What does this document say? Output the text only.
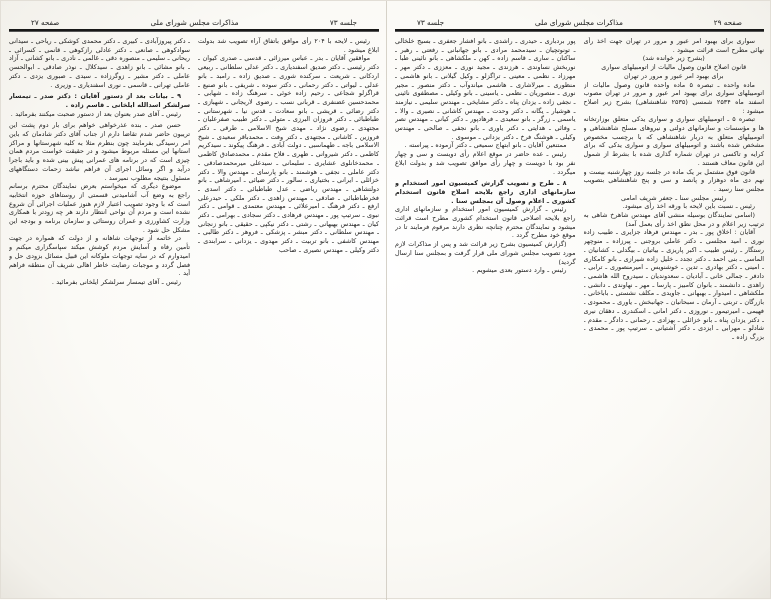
جلسه ۷۳
مذاکرات مجلس شورای ملی
صفحه ۲۷

رئیس ـ لایحه با ۲۰۴ رأی موافق باتفاق آراء تصویب شد بدولت ابلاغ میشود .

موافقین آقایان ـ بدر ـ عباس میرزائی ـ قدسی ـ صدری کیوان ـ دکتر رئیسی ـ دکتر صدیق اسفندیاری ـ دکتر عدلی سلطانی ـ ربیعی اردکانی ـ شریعت ـ سرکنده شوری ـ صدیق زاده ـ رامبد ـ بانو عدلی ـ لیواتی ـ دکتر رحمانی ـ دکتر سوده ـ شریفی ـ بانو صنیع ـ قراگزلو شجاعی ـ رحیم زاده خوئی ـ سرهنگ زاده ـ شهابی ـ محمدحسین غضنفری ـ قربانی نسب ـ رضوی لاریجانی ـ شهبازی ـ دکتر رضائی ـ قریشی ـ بانو سعادت ـ قدس نیا ـ شهرستانی ـ طباطبائی ـ دکتر فروزان البرزی ـ متولی ـ دکتر طبیب صفرعلیان ـ مجتهدی ـ رضوی نژاد ـ مهدی شیخ الاسلامی ـ طرقی ـ دکتر فروزین ـ کاشانی ـ مجتهدی ـ دکتر وفت ـ محمدباقر سعیدی ـ شیخ الاسلامی باجه ـ طهماسبی ـ دولت آبادی ـ فرهنگ پیکوند ـ سیدکریم کاظمی ـ دکتر شیروانی ـ ظهری ـ فلاح مقدم ـ محمدصادق کاظمی ـ محمدخانلوی عشایری ـ سلیمانی ـ سیدعلی میرمحمدصادقی ـ دکتر عاملی ـ نجفی ـ هوشمند ـ بانو پارسای ـ مهندس والا ـ دکتر خزائلی ـ ایرانی ـ بختیاری ـ سالور ـ دکتر ضیائی ـ امیرشاهی ـ بانو دولتشاهی ـ مهندس ریاضی ـ عدل طباطبائی ـ دکتر اسدی ـ فخرطباطبائی ـ صادقی ـ مهندس زاهدی ـ دکتر ملکی ـ حیدرعلی ارفع ـ دکتر فرهنگ ـ امیرعلائی ـ مهندس معتمدی ـ قوامی ـ دکتر نبوی ـ سرتیپ پور ـ مهندس فرهادی ـ دکتر سجادی ـ بهرامی ـ دکتر کیان ـ مهندس بهبهانی ـ رشتی ـ دکتر نیکپی ـ حقیقی ـ بانو زنجانی ـ مهندس سلطانی ـ دکتر مبشر ـ پزشکی ـ فروهر ـ دکتر طالبی ـ مهندس کاشفی ـ بانو تربیت ـ دکتر مهدوی ـ یزدانی ـ سرابندی ـ دکتر وکیلی ـ مهندس نصیری ـ صاحب

ـ دکتر پیروزآبادی ـ کبیری ـ دکتر محمدی کوشکی ـ ریاحی ـ سیدانی سوادکوهی ـ صانعی ـ دکتر عادلی رازکوهی ـ قانمی ـ کسرائی ـ ریحانی ـ سلیمی ـ منصوره دقی ـ غالمی ـ نادری ـ بانو کشانی ـ آزاد ـ بانو مشائی ـ بانو زاهدی ـ سیدکلال ـ نوذر صادقی ـ ابوالحسن عاملی ـ دکتر مشیر ـ زوگرزاده ـ سیدی ـ صبوری یزدی ـ دکتر عاملی تهرانی ـ قاسمی ـ نوری اسفندیاری ـ وزیری .

۹ ـ بیانات بعد از دستور آقایان : دکتر صدر ـ تیمسار سرلشکر اسدالله ایلخانی ـ قاسم زاده .

رئیس ـ آقای صدر بعنوان بعد از دستور صحبت میکنند بفرمائید .

حسن صدر ـ بنده عذرخواهی خواهم برای بار دوم پشت این تریبون حاضر شدم تقاضا دارم از جناب آقای دکتر شادمان که باین امر رسیدگی بفرمایند چون بنظرم مثلا به کلیه شهرستانها و مراکز استانها این مسئله مربوط میشود و در حقیقت خواست مردم همان چیزی است که در برنامه های عمرانی پیش بینی شده و باید باجرا درآید و اگر وسائل اجرای آن فراهم نباشد زحمات دستگاههای مسئول بنتیجه مطلوب نمیرسد .

موضوع دیگری که میخواستم بعرض نمایندگان محترم برسانم راجع به وضع آب آشامیدنی قسمتی از روستاهای حوزه انتخابیه است که با وجود تصویب اعتبار لازم هنوز عملیات اجرائی آن شروع نشده است و مردم آن نواحی انتظار دارند هر چه زودتر با همکاری وزارت کشاورزی و عمران روستائی و سازمان برنامه و بودجه این مشکل حل شود .

در خاتمه از توجهات شاهانه و از دولت که همواره در جهت تأمین رفاه و آسایش مردم کوشش میکند سپاسگزاری میکنم و امیدوارم که در سایه توجهات ملوکانه این قبیل مسائل بزودی حل و فصل گردد و موجبات رضایت خاطر اهالی شریف آن منطقه فراهم آید .

رئیس ـ آقای تیمسار سرلشکر ایلخانی بفرمائید .

صفحه ۲۹
مذاکرات مجلس شورای ملی
جلسه ۷۳

سواری برای بهبود امر عبور و مرور در تهران جهت اخذ رأی نهائی مطرح است قرائت میشود .

(بشرح زیر خوانده شد)

قانون اصلاح قانون وصول مالیات از اتومبیلهای سواری

برای بهبود امر عبور و مرور در تهران

ماده واحده ـ تبصره ۵ ماده واحده قانون وصول مالیات از اتومبیلهای سواری برای بهبود امر عبور و مرور در تهران مصوب اسفند ماه ۲۵۳۴ شمسی (۲۵۳۵ شاهنشاهی) بشرح زیر اصلاح میشود :

تبصره ۵ ـ اتومبیلهای سواری و سواری یدکی متعلق بوزارتخانه ها و مؤسسات و سازمانهای دولتی و نیروهای مسلح شاهنشاهی و اتومبیلهای متعلق به دربار شاهنشاهی که با برچسب مخصوص مشخص شده باشند و اتومبیلهای سواری و سواری یدکی که برای کرایه و تاکسی در تهران شماره گذاری شده با بشرط از شمول این قانون معاف هستند .

قانون فوق مشتمل بر یک ماده در جلسه روز چهارشنبه بیست و نهم دی ماه دوهزار و پانصد و سی و پنج شاهنشاهی بتصویب مجلس سنا رسید .

رئیس مجلس سنا ـ جعفر شریف امامی

رئیس ـ نسبت باین لایحه با ورقه اخذ رأی میشود.

(اسامی نمایندگان بوسیله منشی آقای مهندس شاهرخ شاهی به ترتیب زیر اعلام و در محل نطق اخذ رأی بعمل آمد)

آقایان : اخلاق پور ـ بدر ـ مهندس فرهاد جزایری ـ طبیب زاده نوری ـ امید مجلسی ـ دکتر عاملی بروجنی ـ پیرزاده ـ منوچهر رستگار ـ رئیس طبیب ـ اکبر پاریزی ـ بیاتیان ـ بیگدلی ـ کشانیان ـ الماسی ـ بنی احمد ـ دکتر تجدد ـ خلیل زاده شیرازی ـ بانو کامکاری ـ امینی ـ دکتر بهادری ـ تدین ـ خوشنویس ـ امیرمنصوری ـ ترابی ـ دادفر ـ جمالی خانی ـ آبادیان ـ سعدوندیان ـ سیدروح الله هاشمی ـ زاهدی ـ دانشمند ـ بانوان کامبیز ـ پارسا ـ مهر ـ نهاوندی ـ دانشی ـ ملکشاهی ـ امیدوار ـ بهبهانی ـ جاویدی ـ مکلف نشستی ـ باباخانی ـ بازرگان ـ تربتی ـ آرمان ـ سبحانیان ـ جهانبخش ـ یاوری ـ محمودی ـ فهیمی ـ امیرتیمور ـ نوروزی ـ دکتر امانی ـ اسکندری ـ دهقان نیری ـ دکتر یزدان پناه ـ بانو خزائلی ـ بهزادی ـ رحمانی ـ دادگر ـ مقدم ـ شادلو ـ مهرابی ـ ایزدی ـ دکتر آشتیانی ـ سرتیپ پور ـ محمدی ـ بزرگ زاده ـ

پور بردباری ـ حیدری ـ راشدی ـ بانو افشار جعفری ـ بسیج خلخالی ـ تونوتچیان ـ سیدمحمد مرادی ـ بانو جهانبانی ـ رفعتی ـ رهبر ـ ساکنان ـ ساری ـ قاسم زاده ـ کهن ـ ملکشاهی ـ بانو نائینی طبا ـ نوربخش نساوندی ـ هرزندی ـ مجید نوری ـ معززی ـ دکتر مهر ـ مهرزاد ـ نظمی ـ معینی ـ تراگزلو ـ وکیل گیلانی ـ بانو هاشمی ـ منظوری ـ میرلاشاری ـ هاشمی میاندوآب ـ دکتر منصور ـ مجیر نوری ـ منصوریان ـ نظمی ـ یاسینی ـ بانو وکیلی ـ مصطفوی نائینی ـ نجفی زاده ـ یزدان پناه ـ دکتر مشایخی ـ مهندس سلیمی ـ نیازمند ـ هوشیار ـ یگانه ـ دکتر وحدت ـ مهندس کاشانی ـ نصیری ـ والا ـ یاسمی ـ زرگر ـ بانو سعیدی ـ فرهادپور ـ دکتر کیانی ـ مهندس نصر ـ وفائی ـ هدایتی ـ دکتر یاوری ـ بانو نجفی ـ صالحی ـ مهندس وکیلی ـ هوشنگ فرخ ـ دکتر یزدانی ـ موسوی .

ممتنعین آقایان ـ بانو ابتهاج سمیعی ـ دکتر آزموده ـ پیراسته .

رئیس ـ عده حاضر در موقع اعلام رأی دویست و سی و چهار نفر بود با دویست و چهار رأی موافق تصویب شد و بدولت ابلاغ میگردد .

۸ ـ طرح و تصویب گزارش کمیسیون امور استخدام و سازمانهای اداری راجع بلایحه اصلاح قانون استخدام کشوری ـ اعلام وصول آن بمجلس سنا .

رئیس ـ گزارش کمیسیون امور استخدام و سازمانهای اداری راجع بلایحه اصلاحی قانون استخدام کشوری مطرح است قرائت میشود و نمایندگان محترم چنانچه نظری دارند مرقوم فرمایند تا در موقع خود مطرح گردد .

(گزارش کمیسیون بشرح زیر قرائت شد و پس از مذاکرات لازم مورد تصویب مجلس شورای ملی قرار گرفت و بمجلس سنا ارسال گردید)

رئیس ـ وارد دستور بعدی میشویم .
